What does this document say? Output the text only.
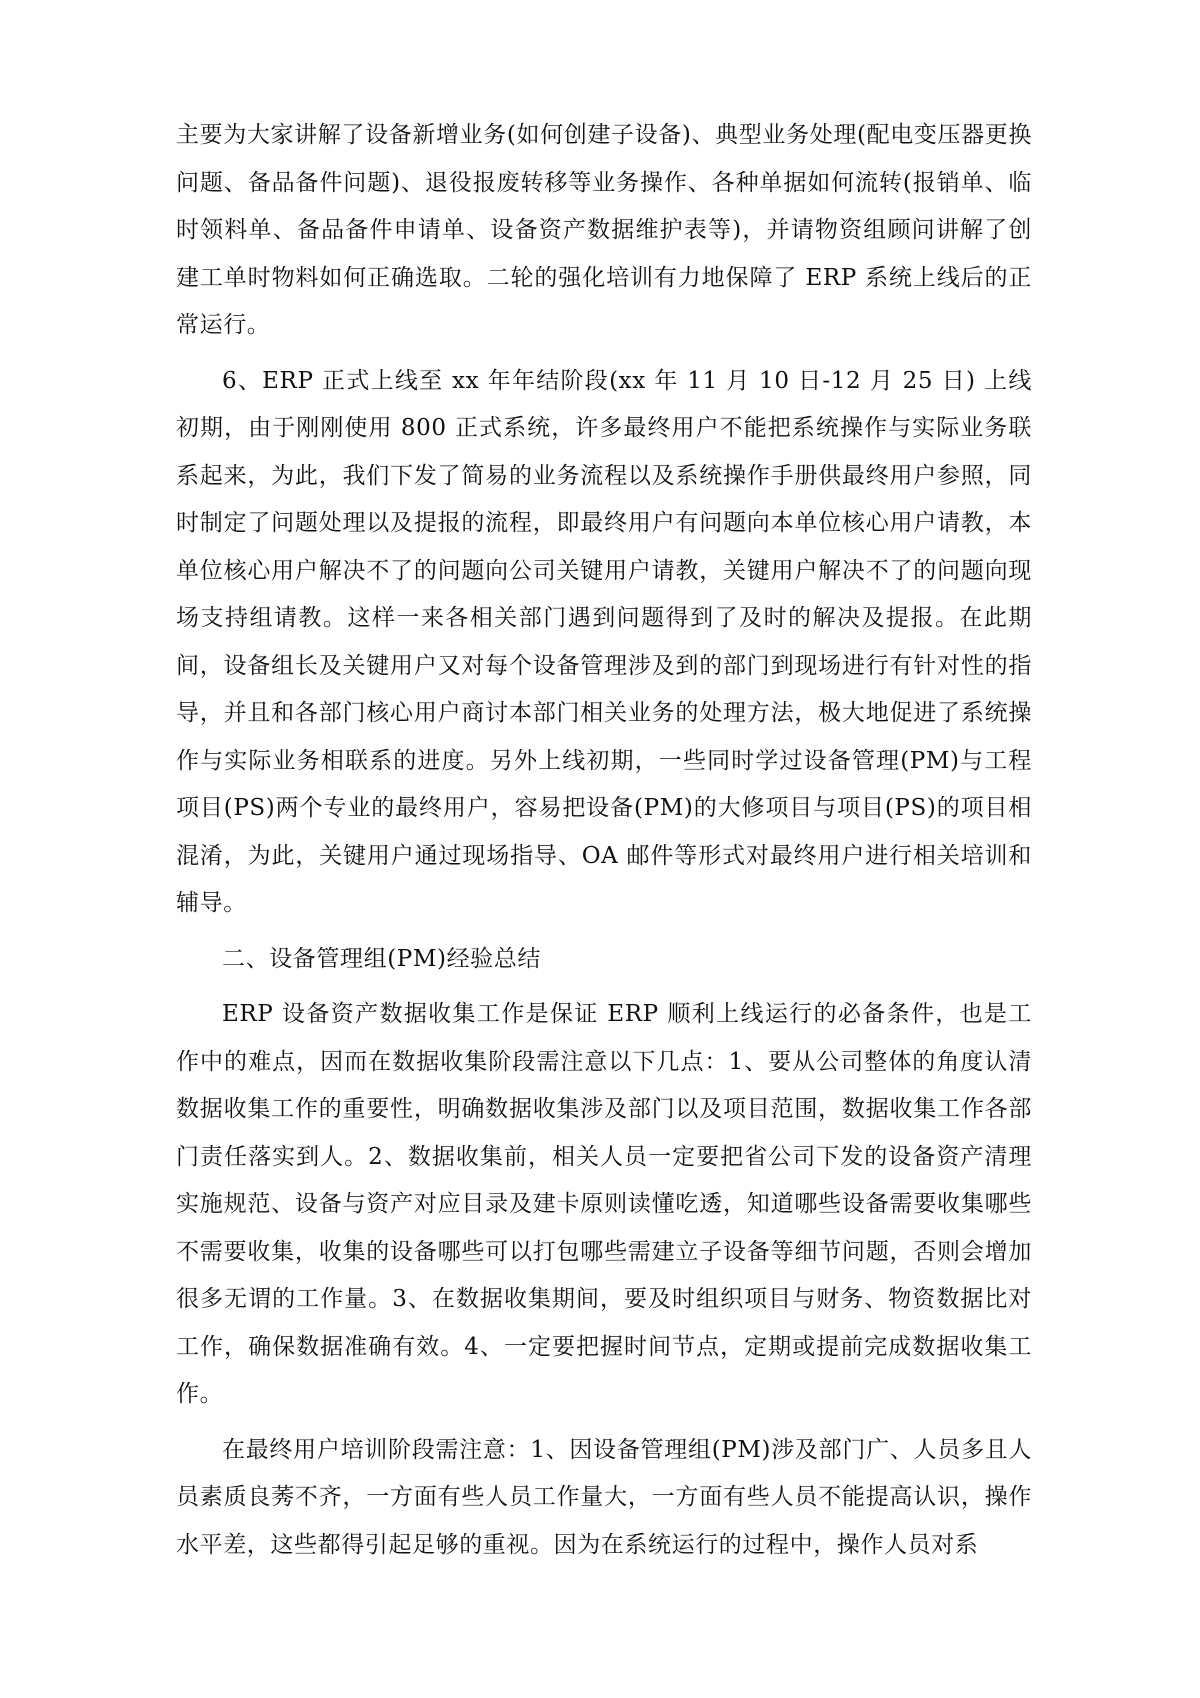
主要为大家讲解了设备新增业务(如何创建子设备)、典型业务处理(配电变压器更换问题、备品备件问题)、退役报废转移等业务操作、各种单据如何流转(报销单、临时领料单、备品备件申请单、设备资产数据维护表等)，并请物资组顾问讲解了创建工单时物料如何正确选取。二轮的强化培训有力地保障了 ERP 系统上线后的正常运行。

6、ERP 正式上线至 xx 年年结阶段(xx 年 11 月 10 日-12 月 25 日) 上线初期，由于刚刚使用 800 正式系统，许多最终用户不能把系统操作与实际业务联系起来，为此，我们下发了简易的业务流程以及系统操作手册供最终用户参照，同时制定了问题处理以及提报的流程，即最终用户有问题向本单位核心用户请教，本单位核心用户解决不了的问题向公司关键用户请教，关键用户解决不了的问题向现场支持组请教。这样一来各相关部门遇到问题得到了及时的解决及提报。在此期间，设备组长及关键用户又对每个设备管理涉及到的部门到现场进行有针对性的指导，并且和各部门核心用户商讨本部门相关业务的处理方法，极大地促进了系统操作与实际业务相联系的进度。另外上线初期，一些同时学过设备管理(PM)与工程项目(PS)两个专业的最终用户，容易把设备(PM)的大修项目与项目(PS)的项目相混淆，为此，关键用户通过现场指导、OA 邮件等形式对最终用户进行相关培训和辅导。

二、设备管理组(PM)经验总结

ERP 设备资产数据收集工作是保证 ERP 顺利上线运行的必备条件，也是工作中的难点，因而在数据收集阶段需注意以下几点：1、要从公司整体的角度认清数据收集工作的重要性，明确数据收集涉及部门以及项目范围，数据收集工作各部门责任落实到人。2、数据收集前，相关人员一定要把省公司下发的设备资产清理实施规范、设备与资产对应目录及建卡原则读懂吃透，知道哪些设备需要收集哪些不需要收集，收集的设备哪些可以打包哪些需建立子设备等细节问题，否则会增加很多无谓的工作量。3、在数据收集期间，要及时组织项目与财务、物资数据比对工作，确保数据准确有效。4、一定要把握时间节点，定期或提前完成数据收集工作。

在最终用户培训阶段需注意：1、因设备管理组(PM)涉及部门广、人员多且人员素质良莠不齐，一方面有些人员工作量大，一方面有些人员不能提高认识，操作水平差，这些都得引起足够的重视。因为在系统运行的过程中，操作人员对系
